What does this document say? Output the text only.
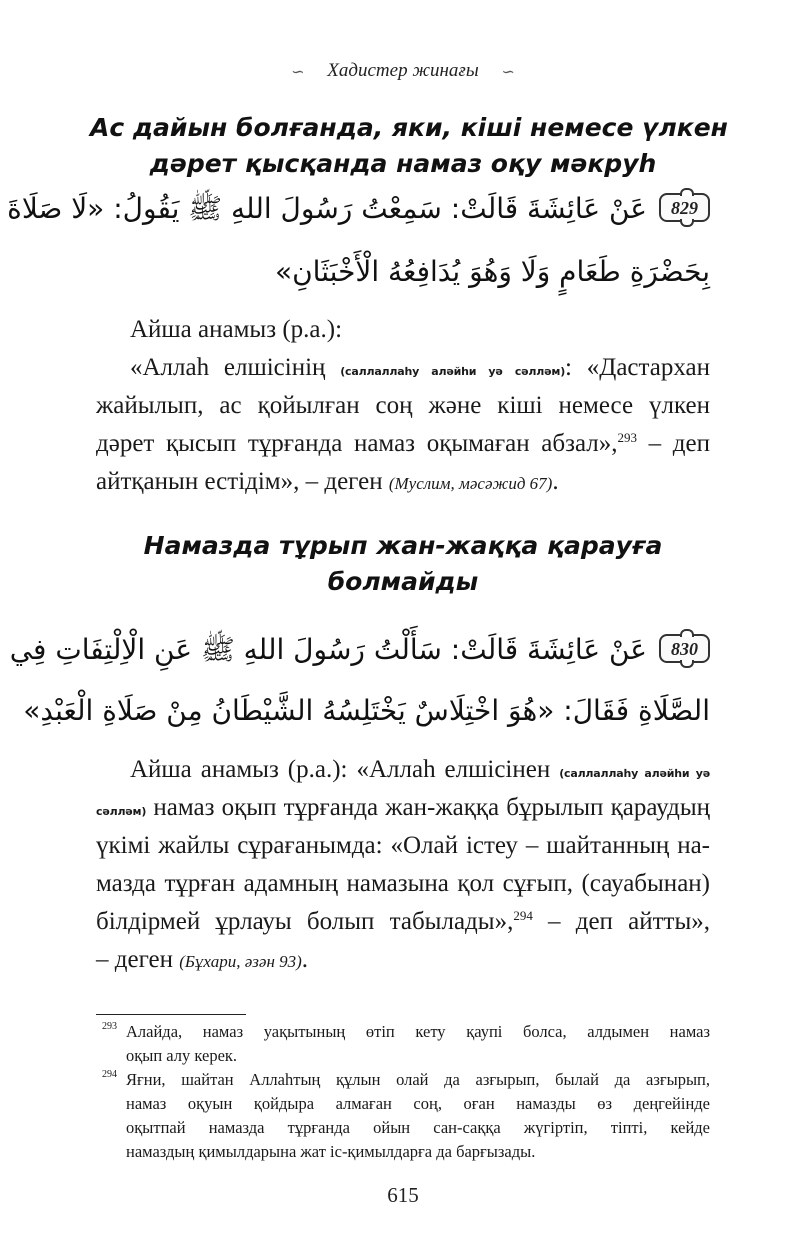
∽ Хадистер жинағы ∽
Ас дайын болғанда, яки, кіші немесе үлкен
дəрет қысқанда намаз оқу мəкруһ
829عَنْ عَائِشَةَ قَالَتْ: سَمِعْتُ رَسُولَ اللهِ ﷺ يَقُولُ: «لَا صَلَاةَ
بِحَضْرَةِ طَعَامٍ وَلَا وَهُوَ يُدَافِعُهُ الْأَخْبَثَانِ»
Айша анамыз (р.а.):
«Аллаһ елшісінің (саллаллаһу алəйһи уə сəллəм): «Дастархан
жайылып, ас қойылған соң жəне кіші немесе үлкен
дəрет қысып тұрғанда намаз оқымаған абзал»,$^{293}$ – деп
айтқанын естідім», – деген (Муслим, мəсəжид 67).
Намазда тұрып жан-жаққа қарауға
болмайды
830عَنْ عَائِشَةَ قَالَتْ: سَأَلْتُ رَسُولَ اللهِ ﷺ عَنِ الْاِلْتِفَاتِ فِي
الصَّلَاةِ فَقَالَ: «هُوَ اخْتِلَاسٌ يَخْتَلِسُهُ الشَّيْطَانُ مِنْ صَلَاةِ الْعَبْدِ»
Айша анамыз (р.а.): «Аллаһ елшісінен (саллаллаһу алəйһи уə
сəллəм) намаз оқып тұрғанда жан-жаққа бұрылып қараудың
үкімі жайлы сұрағанымда: «Олай істеу – шайтанның на-
мазда тұрған адамның намазына қол сұғып, (сауабынан)
білдірмей ұрлауы болып табылады»,$^{294}$ – деп айтты»,
– деген (Бұхари, əзəн 93).
293 Алайда, намаз уақытының өтіп кету қаупі болса, алдымен намаз
оқып алу керек.
294 Яғни, шайтан Аллаһтың құлын олай да азғырып, былай да азғырып,
намаз оқуын қойдыра алмаған соң, оған намазды өз деңгейінде
оқытпай намазда тұрғанда ойын сан-саққа жүгіртіп, тіпті, кейде
намаздың қимылдарына жат іс-қимылдарға да барғызады.
615
